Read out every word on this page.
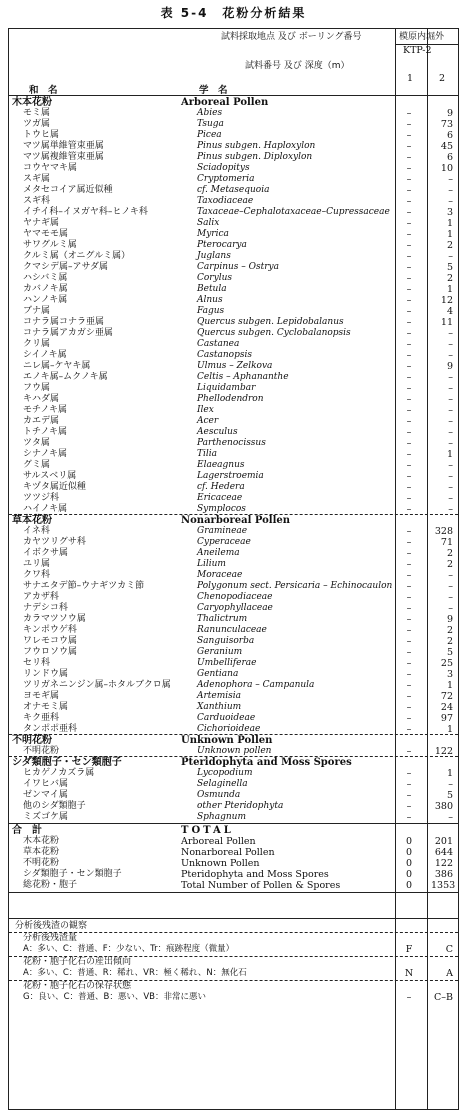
表 5-4　花粉分析結果
試料採取地点 及び ボーリング番号	模原内堀外
KTP-2
試料番号 及び 深度（m）
1	2
和　名	学　名
木本花粉	Arboreal Pollen
モミ属	Abies	–	9
ツガ属	Tsuga	–	73
トウヒ属	Picea	–	6
マツ属単維管束亜属	Pinus subgen. Haploxylon	–	45
マツ属複維管束亜属	Pinus subgen. Diploxylon	–	6
コウヤマキ属	Sciadopitys	–	10
スギ属	Cryptomeria	–	–
メタセコイア属近似種	cf. Metasequoia	–	–
スギ科	Taxodiaceae	–	–
イチイ科–イヌガヤ科–ヒノキ科	Taxaceae–Cephalotaxaceae–Cupressaceae	–	3
ヤナギ属	Salix	–	1
ヤマモモ属	Myrica	–	1
サワグルミ属	Pterocarya	–	2
クルミ属（オニグルミ属）	Juglans	–	–
クマシデ属–アサダ属	Carpinus – Ostrya	–	5
ハシバミ属	Corylus	–	2
カバノキ属	Betula	–	1
ハンノキ属	Alnus	–	12
ブナ属	Fagus	–	4
コナラ属コナラ亜属	Quercus subgen. Lepidobalanus	–	11
コナラ属アカガシ亜属	Quercus subgen. Cyclobalanopsis	–	–
クリ属	Castanea	–	–
シイノキ属	Castanopsis	–	–
ニレ属–ケヤキ属	Ulmus – Zelkova	–	9
エノキ属–ムクノキ属	Celtis – Aphananthe	–	–
フウ属	Liquidambar	–	–
キハダ属	Phellodendron	–	–
モチノキ属	Ilex	–	–
カエデ属	Acer	–	–
トチノキ属	Aesculus	–	–
ツタ属	Parthenocissus	–	–
シナノキ属	Tilia	–	1
グミ属	Elaeagnus	–	–
サルスベリ属	Lagerstroemia	–	–
キヅタ属近似種	cf. Hedera	–	–
ツツジ科	Ericaceae	–	–
ハイノキ属	Symplocos	–	–
草本花粉	Nonarboreal Pollen
イネ科	Gramineae	–	328
カヤツリグサ科	Cyperaceae	–	71
イボクサ属	Aneilema	–	2
ユリ属	Lilium	–	2
クワ科	Moraceae	–	–
サナエタデ節–ウナギツカミ節	Polygonum sect. Persicaria – Echinocaulon	–	–
アカザ科	Chenopodiaceae	–	–
ナデシコ科	Caryophyllaceae	–	–
カラマツソウ属	Thalictrum	–	9
キンポウゲ科	Ranunculaceae	–	2
ワレモコウ属	Sanguisorba	–	2
フウロソウ属	Geranium	–	5
セリ科	Umbelliferae	–	25
リンドウ属	Gentiana	–	3
ツリガネニンジン属–ホタルブクロ属	Adenophora – Campanula	–	1
ヨモギ属	Artemisia	–	72
オナモミ属	Xanthium	–	24
キク亜科	Carduoideae	–	97
タンポポ亜科	Cichorioideae	–	1
不明花粉	Unknown Pollen
不明花粉	Unknown pollen	–	122
シダ類胞子・セン類胞子	Pteridophyta and Moss Spores
ヒカゲノカズラ属	Lycopodium	–	1
イワヒバ属	Selaginella	–	–
ゼンマイ属	Osmunda	–	5
他のシダ類胞子	other Pteridophyta	–	380
ミズゴケ属	Sphagnum	–	–
合　計	TOTAL
木本花粉	Arboreal Pollen	0	201
草本花粉	Nonarboreal Pollen	0	644
不明花粉	Unknown Pollen	0	122
シダ類胞子・セン類胞子	Pteridophyta and Moss Spores	0	386
総花粉・胞子	Total Number of Pollen & Spores	0	1353
分析後残渣の観察
分析後残渣量
A：多い、C：普通、F：少ない、Tr：痕跡程度（微量）	F	C
花粉・胞子化石の産出傾向
A：多い、C：普通、R：稀れ、VR：極く稀れ、N：無化石	N	A
花粉・胞子化石の保存状態
G：良い、C：普通、B：悪い、VB：非常に悪い	–	C–B
